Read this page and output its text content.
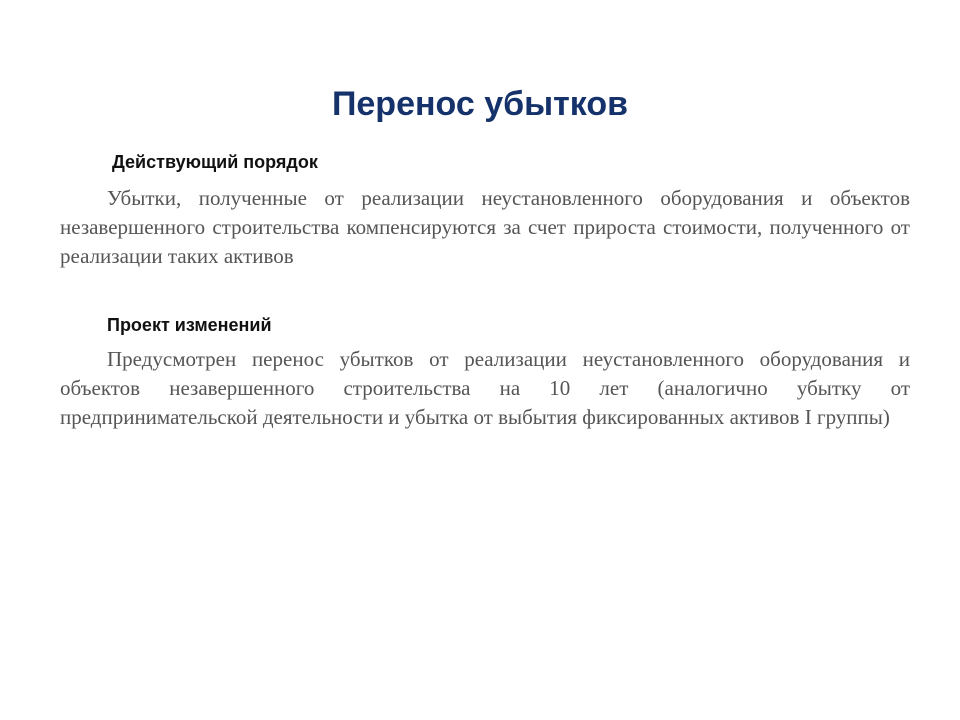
Перенос убытков
Действующий порядок

Убытки, полученные от реализации неустановленного оборудования и объектов незавершенного строительства компенсируются за счет прироста стоимости, полученного от реализации таких активов

Проект изменений

Предусмотрен перенос убытков от реализации неустановленного оборудования и объектов незавершенного строительства на 10 лет (аналогично убытку от предпринимательской деятельности и убытка от выбытия фиксированных активов I группы)
